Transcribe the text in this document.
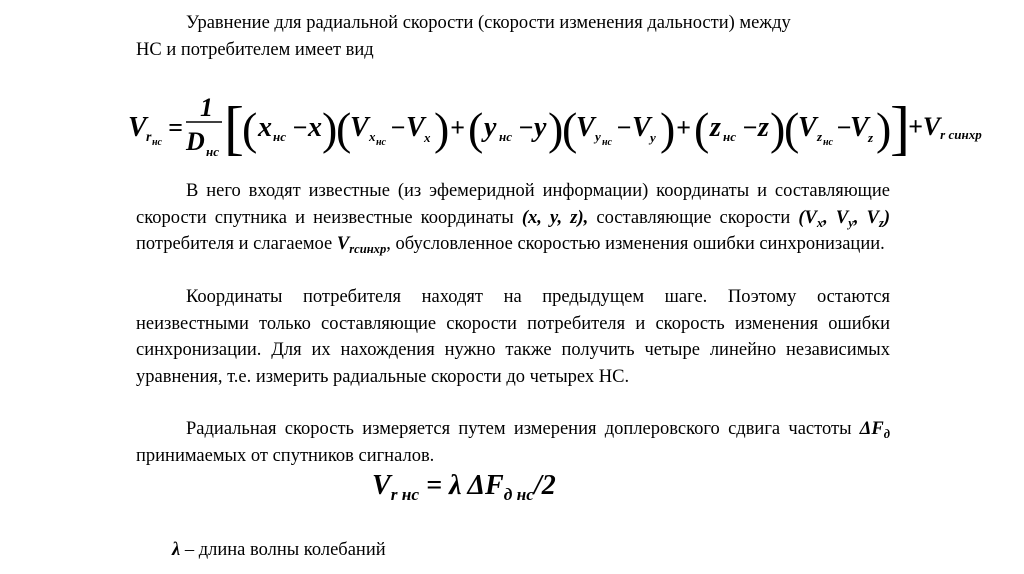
Уравнение для радиальной скорости (скорости изменения дальности) между
НС и потребителем имеет вид

V r нс
=
1
D нс [
( x нс − x )
(
V x нс
− V x ) + ( y нс − y )
(
V y нс
− V y ) + ( z нс − z )
(
V z нс
−
V z )
]
$+V_{r синхр}$

В него входят известные (из эфемеридной информации) координаты и составляющие скорости спутника и неизвестные координаты (x, y, z), составляющие скорости ($V_x$, $V_y$, $V_z$) потребителя и слагаемое $V_{rсинхр}$, обусловленное скоростью изменения ошибки синхронизации.

Координаты потребителя находят на предыдущем шаге. Поэтому остаются неизвестными только составляющие скорости потребителя и скорость изменения ошибки синхронизации. Для их нахождения нужно также получить четыре линейно независимых уравнения, т.е. измерить радиальные скорости до четырех НС.

Радиальная скорость измеряется путем измерения доплеровского сдвига частоты $\Delta F_д$ принимаемых от спутников сигналов.

$V_{r нс} = \lambda$ $\Delta F_{д нс}/2$
λ – длина волны колебаний
